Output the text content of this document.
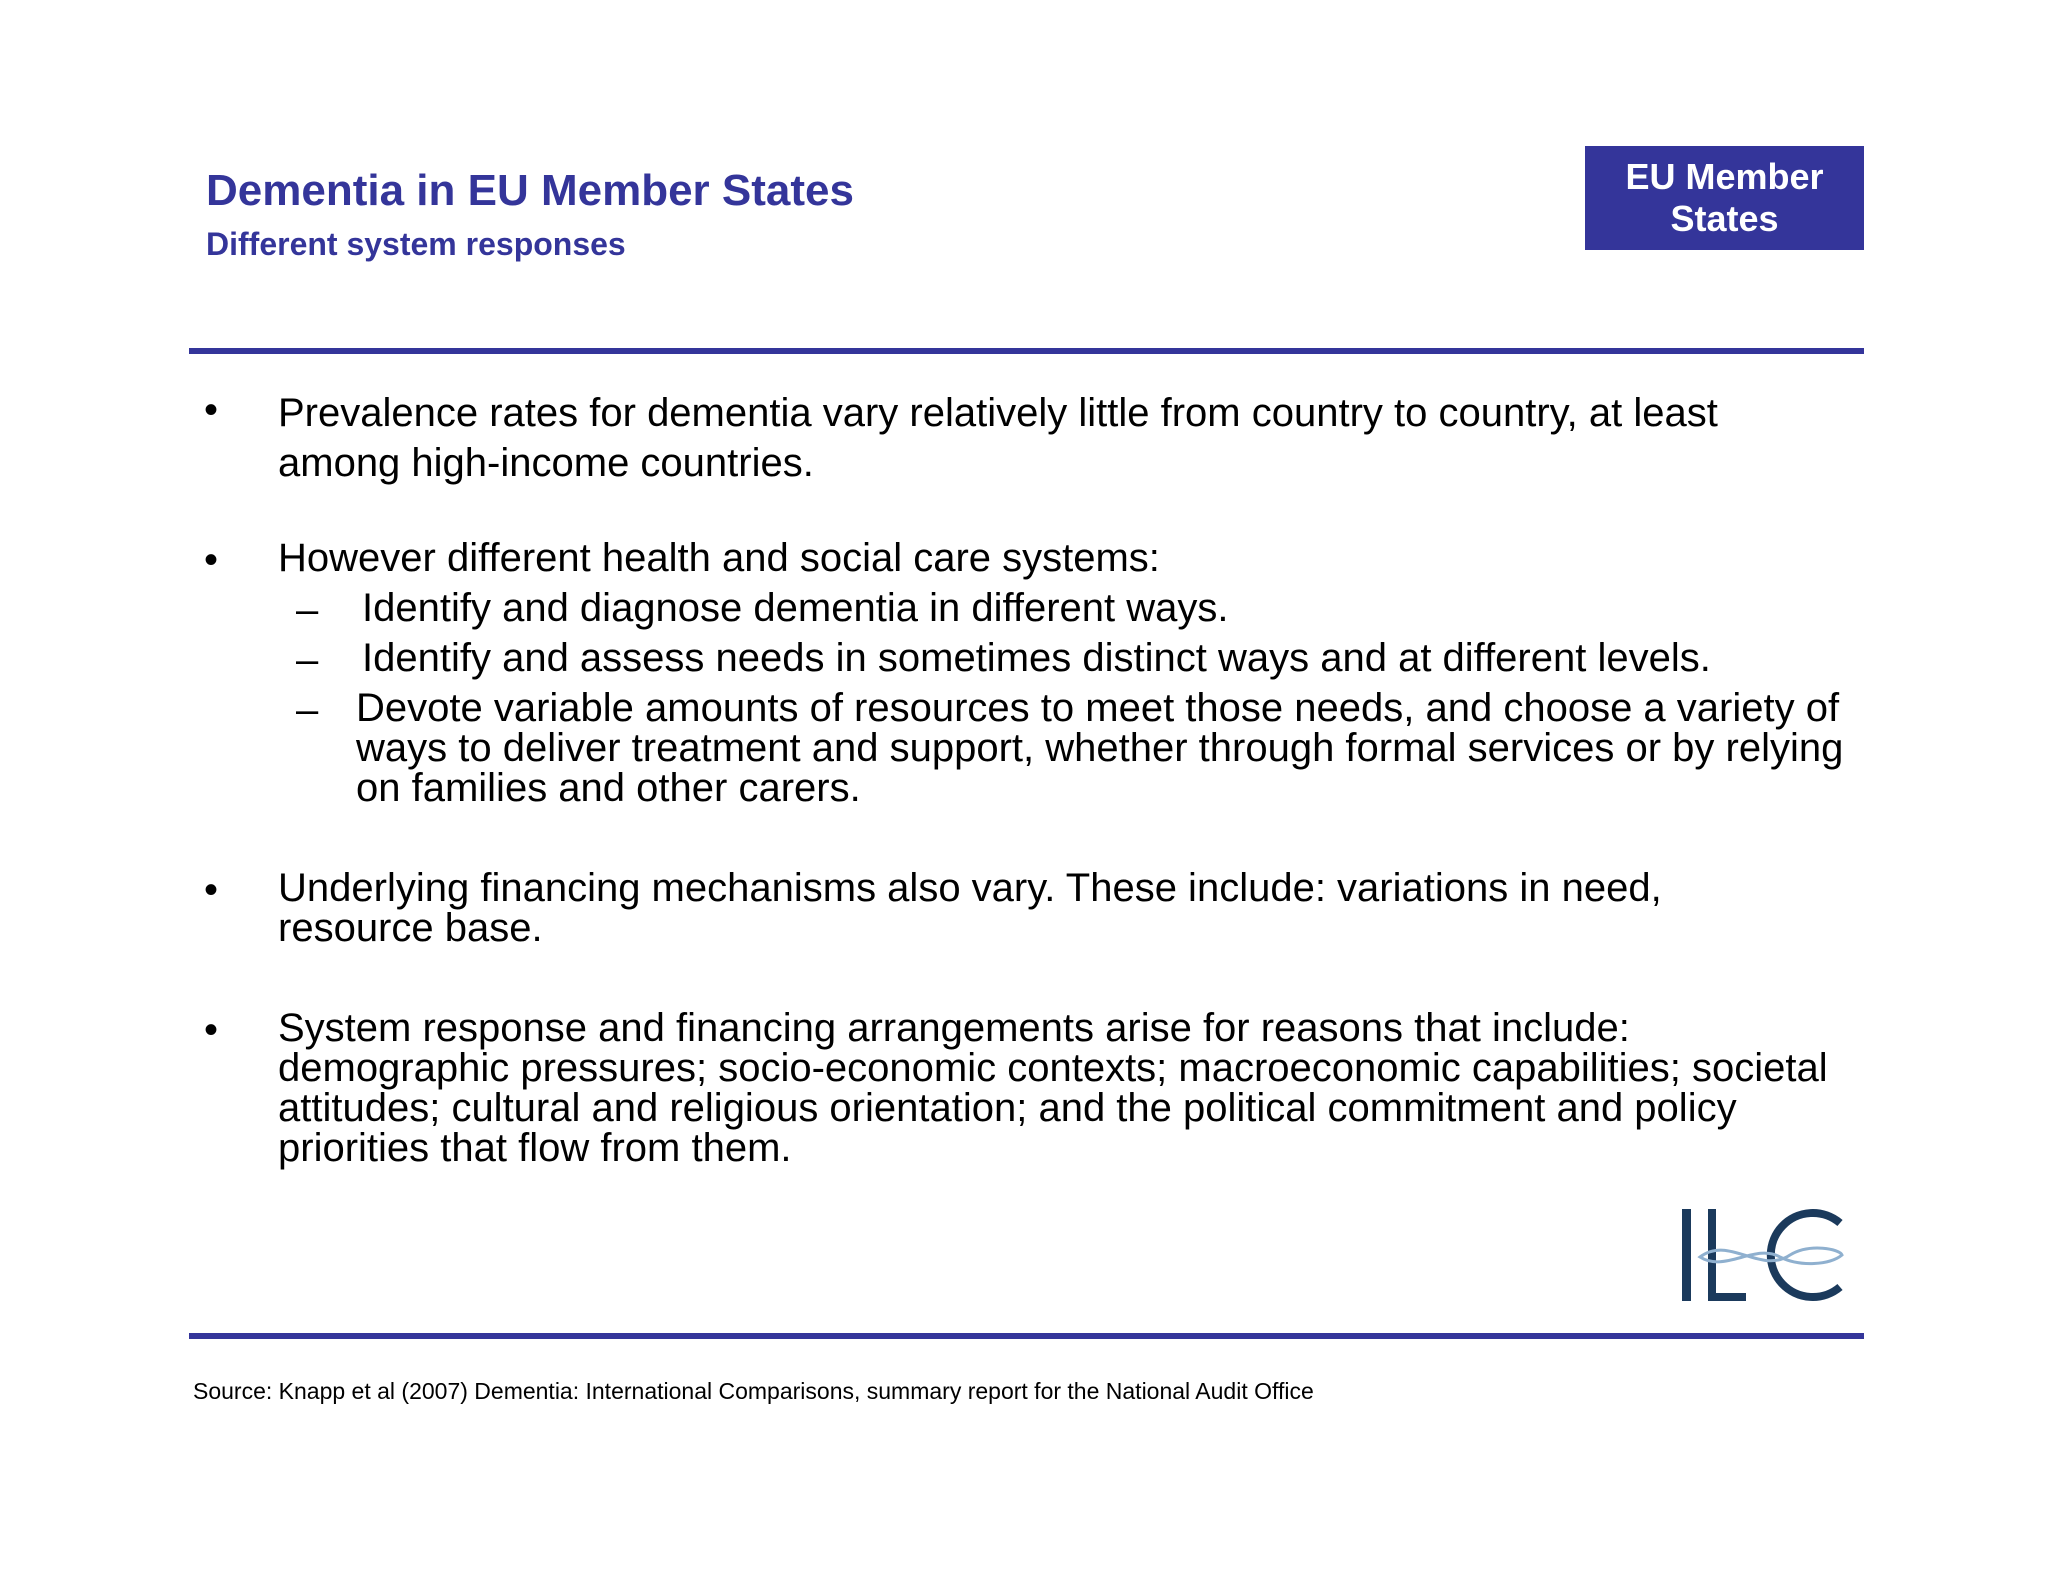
Dementia in EU Member States
Different system responses
EU Member
States
• Prevalence rates for dementia vary relatively little from country to country, at least among high-income countries.
• However different health and social care systems:
– Identify and diagnose dementia in different ways.
– Identify and assess needs in sometimes distinct ways and at different levels.
– Devote variable amounts of resources to meet those needs, and choose a variety of ways to deliver treatment and support, whether through formal services or by relying on families and other carers.
• Underlying financing mechanisms also vary. These include: variations in need, resource base.
• System response and financing arrangements arise for reasons that include: demographic pressures; socio-economic contexts; macroeconomic capabilities; societal attitudes; cultural and religious orientation; and the political commitment and policy priorities that flow from them.
Source: Knapp et al (2007) Dementia: International Comparisons, summary report for the National Audit Office
